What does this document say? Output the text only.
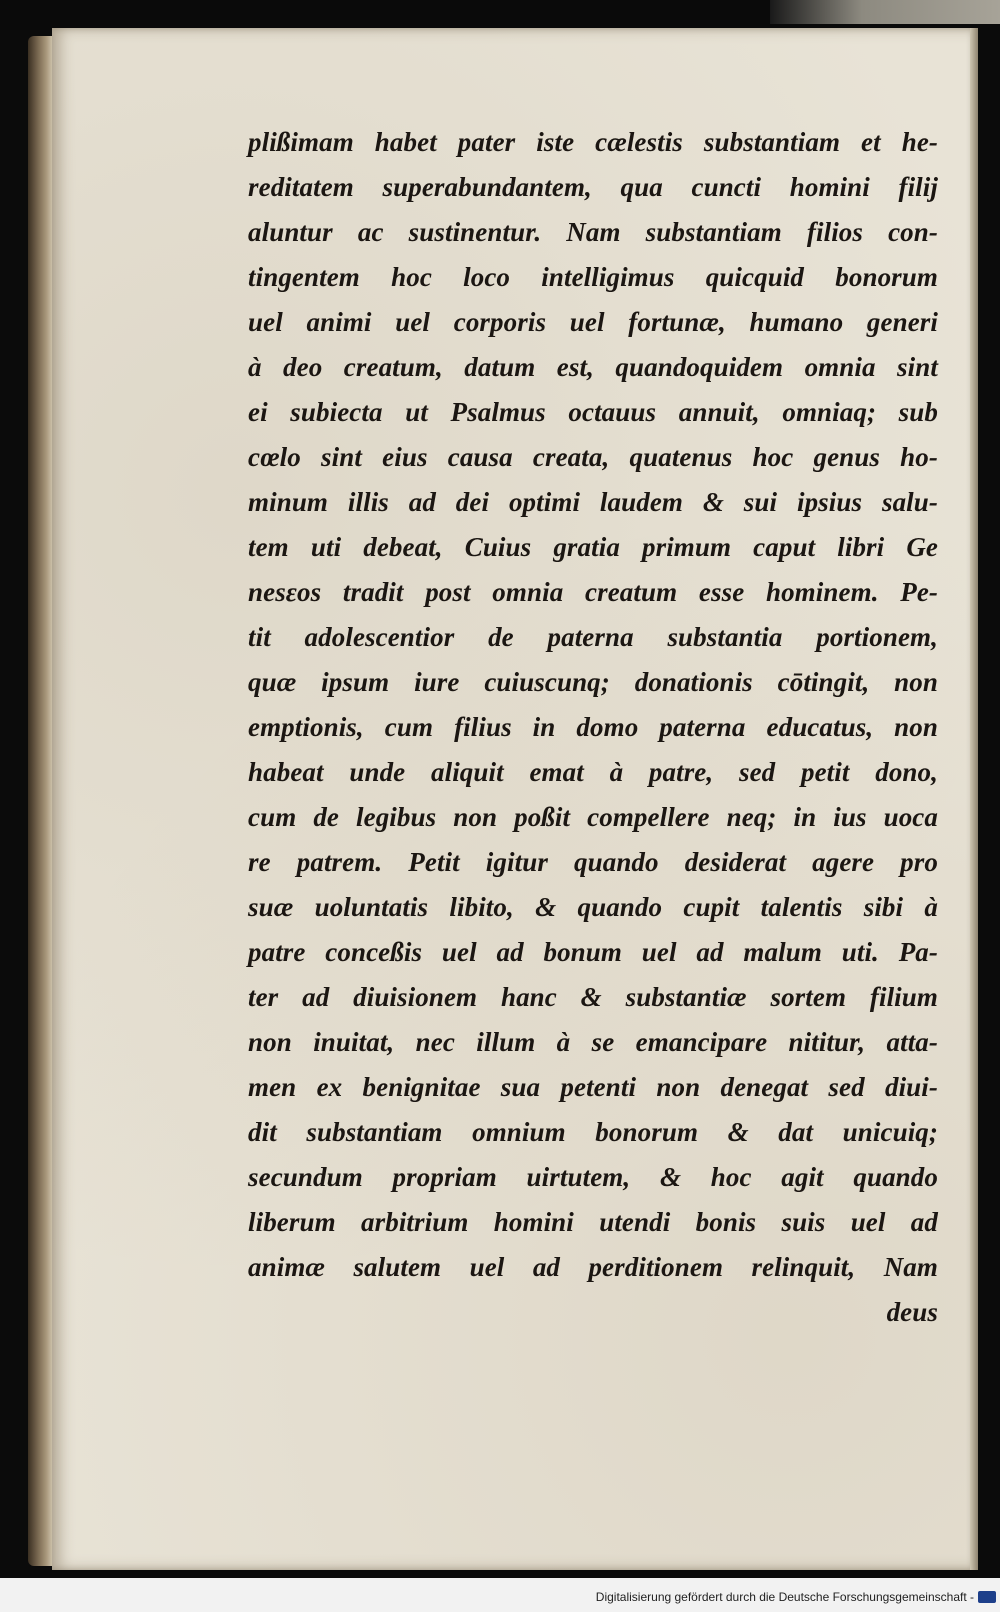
plißimam habet pater iste cælestis substantiam et he-
reditatem superabundantem, qua cuncti homini filij
aluntur ac sustinentur. Nam substantiam filios con-
tingentem hoc loco intelligimus quicquid bonorum
uel animi uel corporis uel fortunæ, humano generi
à deo creatum, datum est, quandoquidem omnia sint
ei subiecta ut Psalmus octauus annuit, omniaq; sub
cœlo sint eius causa creata, quatenus hoc genus ho-
minum illis ad dei optimi laudem & sui ipsius salu-
tem uti debeat, Cuius gratia primum caput libri Ge
nesεos tradit post omnia creatum esse hominem. Pe-
tit adolescentior de paterna substantia portionem,
quæ ipsum iure cuiuscunq; donationis cōtingit, non
emptionis, cum filius in domo paterna educatus, non
habeat unde aliquit emat à patre, sed petit dono,
cum de legibus non poßit compellere neq; in ius uoca
re patrem. Petit igitur quando desiderat agere pro
suæ uoluntatis libito, & quando cupit talentis sibi à
patre conceßis uel ad bonum uel ad malum uti. Pa-
ter ad diuisionem hanc & substantiæ sortem filium
non inuitat, nec illum à se emancipare nititur, atta-
men ex benignitae sua petenti non denegat sed diui-
dit substantiam omnium bonorum & dat unicuiq;
secundum propriam uirtutem, & hoc agit quando
liberum arbitrium homini utendi bonis suis uel ad
animæ salutem uel ad perditionem relinquit, Nam
deus
Digitalisierung gefördert durch die Deutsche Forschungsgemeinschaft -
